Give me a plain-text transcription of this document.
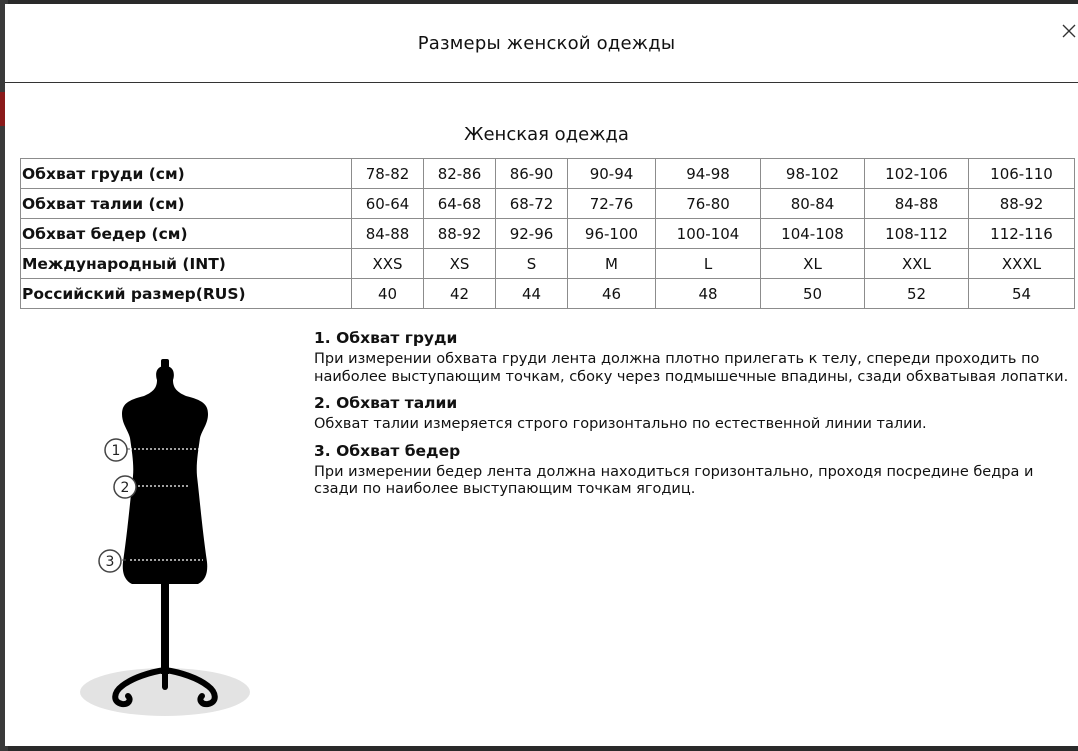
Размеры женской одежды
Женская одежда
Обхват груди (см)	78-82	82-86	86-90	90-94	94-98	98-102	102-106	106-110
Обхват талии (см)	60-64	64-68	68-72	72-76	76-80	80-84	84-88	88-92
Обхват бедер (см)	84-88	88-92	92-96	96-100	100-104	104-108	108-112	112-116
Международный (INT)	XXS	XS	S	M	L	XL	XXL	XXXL
Российский размер(RUS)	40	42	44	46	48	50	52	54
1
2
3

1. Обхват груди

При измерении обхвата груди лента должна плотно прилегать к телу, спереди проходить по наиболее выступающим точкам, сбоку через подмышечные впадины, сзади обхватывая лопатки.

2. Обхват талии

Обхват талии измеряется строго горизонтально по естественной линии талии.

3. Обхват бедер

При измерении бедер лента должна находиться горизонтально, проходя посредине бедра и сзади по наиболее выступающим точкам ягодиц.
